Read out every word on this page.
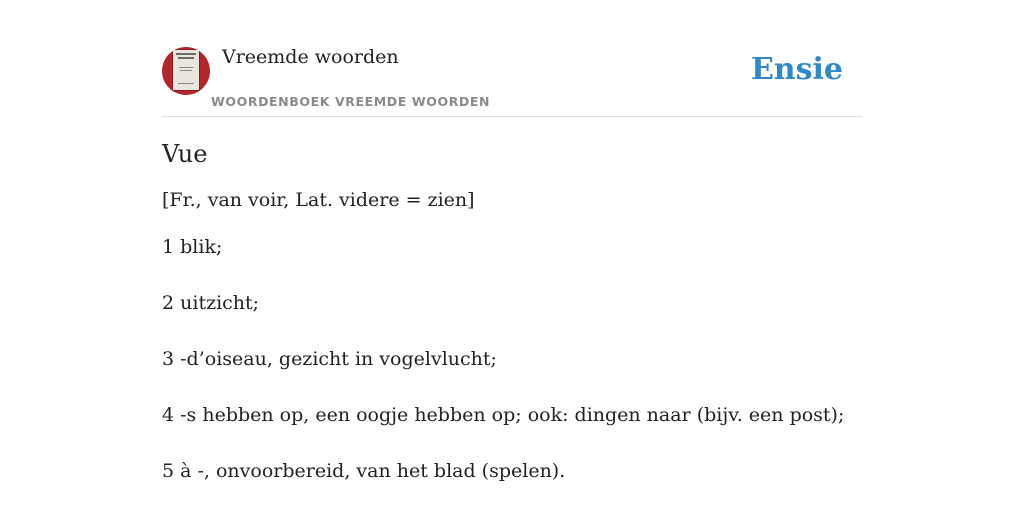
Vreemde woorden
WOORDENBOEK VREEMDE WOORDEN
Ensie
Vue

[Fr., van voir, Lat. videre = zien]

1 blik;
2 uitzicht;
3 -d’oiseau, gezicht in vogelvlucht;
4 -s hebben op, een oogje hebben op; ook: dingen naar (bijv. een post);
5 à -, onvoorbereid, van het blad (spelen).
